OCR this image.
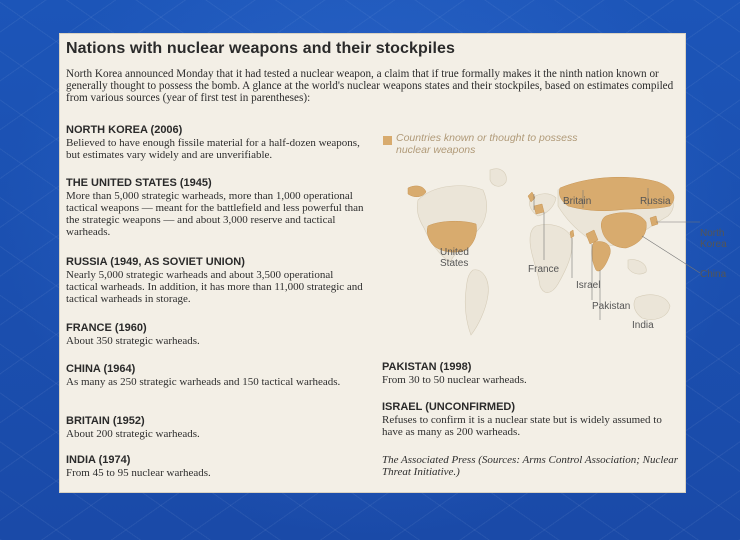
Nations with nuclear weapons and their stockpiles
North Korea announced Monday that it had tested a nuclear weapon, a claim that if true formally makes it the ninth nation known or generally thought to possess the bomb. A glance at the world's nuclear weapons states and their stockpiles, based on estimates compiled from various sources (year of first test in parentheses):
NORTH KOREA (2006)
Believed to have enough fissile material for a half-dozen weapons, but estimates vary widely and are unverifiable.
THE UNITED STATES (1945)
More than 5,000 strategic warheads, more than 1,000 operational tactical weapons — meant for the battlefield and less powerful than the strategic weapons — and about 3,000 reserve and tactical warheads.
RUSSIA (1949, AS SOVIET UNION)
Nearly 5,000 strategic warheads and about 3,500 operational tactical warheads. In addition, it has more than 11,000 strategic and tactical warheads in storage.
FRANCE (1960)
About 350 strategic warheads.
CHINA (1964)
As many as 250 strategic warheads and 150 tactical warheads.
BRITAIN (1952)
About 200 strategic warheads.
INDIA (1974)
From 45 to 95 nuclear warheads.
PAKISTAN (1998)
From 30 to 50 nuclear warheads.
ISRAEL (UNCONFIRMED)
Refuses to confirm it is a nuclear state but is widely assumed to have as many as 200 warheads.
The Associated Press (Sources: Arms Control Association; Nuclear Threat Initiative.)
Countries known or thought to possess nuclear weapons
Britain	Russia
North Korea
United States
France	China
Israel
Pakistan
India
